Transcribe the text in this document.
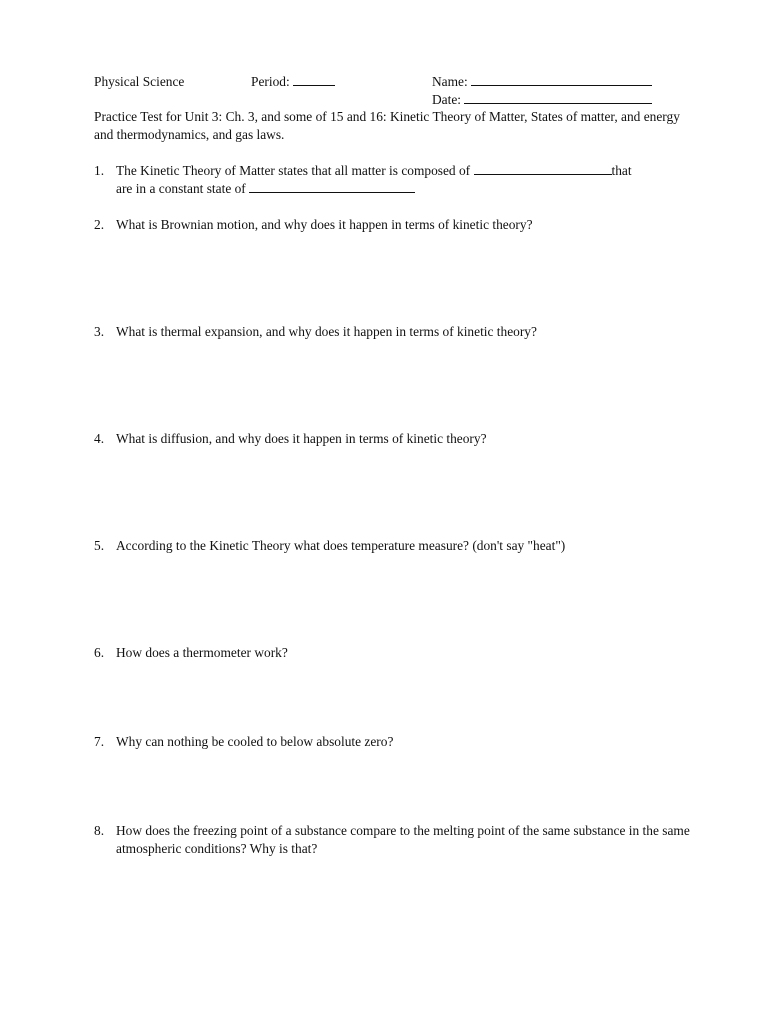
Physical Science	Period:	Name:
Date:
Practice Test for Unit 3: Ch. 3, and some of 15 and 16: Kinetic Theory of Matter, States of matter, and energy and thermodynamics, and gas laws.
1. The Kinetic Theory of Matter states that all matter is composed of	that
are in a constant state of
2. What is Brownian motion, and why does it happen in terms of kinetic theory?
3. What is thermal expansion, and why does it happen in terms of kinetic theory?
4. What is diffusion, and why does it happen in terms of kinetic theory?
5. According to the Kinetic Theory what does temperature measure? (don't say "heat")
6. How does a thermometer work?
7. Why can nothing be cooled to below absolute zero?
8. How does the freezing point of a substance compare to the melting point of the same substance in the same atmospheric conditions? Why is that?
